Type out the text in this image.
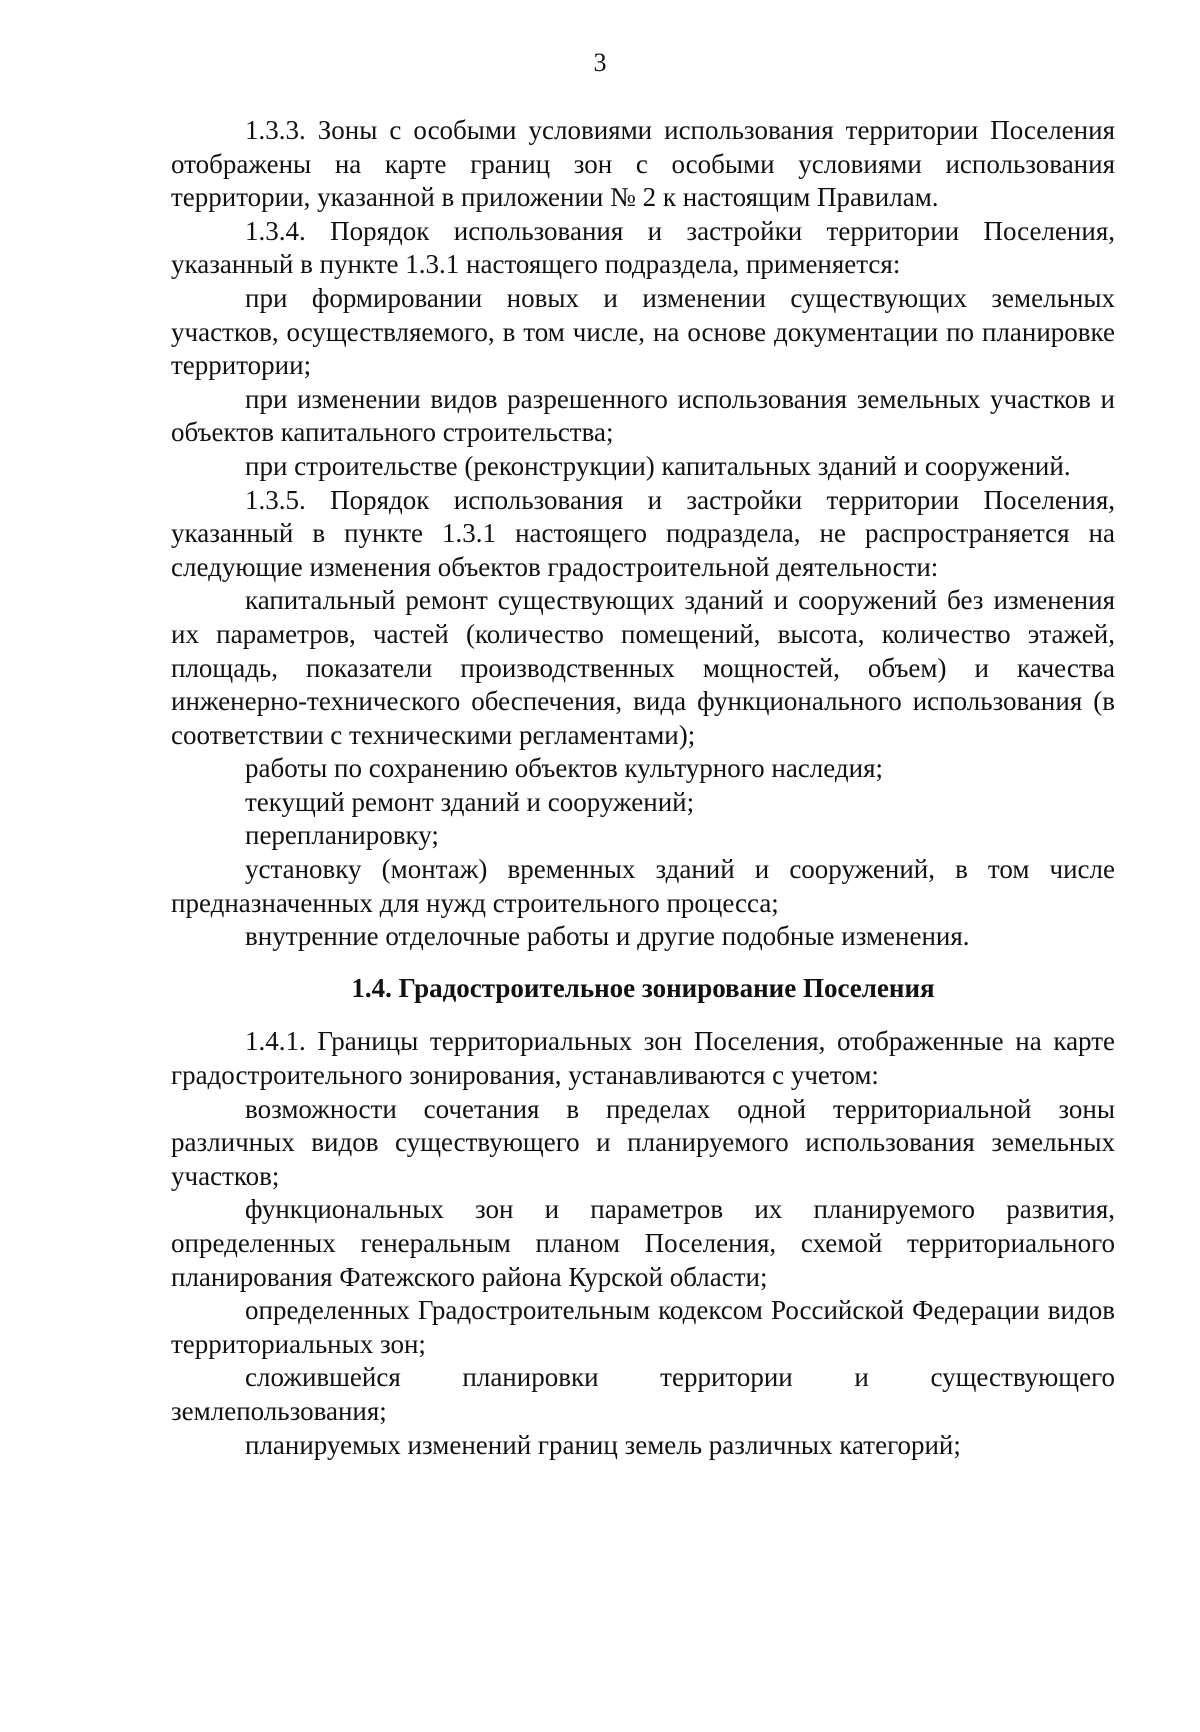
3

1.3.3. Зоны с особыми условиями использования территории Поселения отображены на карте границ зон с особыми условиями использования территории, указанной в приложении № 2 к настоящим Правилам.

1.3.4. Порядок использования и застройки территории Поселения, указанный в пункте 1.3.1 настоящего подраздела, применяется:

при формировании новых и изменении существующих земельных участков, осуществляемого, в том числе, на основе документации по планировке территории;

при изменении видов разрешенного использования земельных участков и объектов капитального строительства;

при строительстве (реконструкции) капитальных зданий и сооружений.

1.3.5. Порядок использования и застройки территории Поселения, указанный в пункте 1.3.1 настоящего подраздела, не распространяется на следующие изменения объектов градостроительной деятельности:

капитальный ремонт существующих зданий и сооружений без изменения их параметров, частей (количество помещений, высота, количество этажей, площадь, показатели производственных мощностей, объем) и качества инженерно-технического обеспечения, вида функционального использования (в соответствии с техническими регламентами);

работы по сохранению объектов культурного наследия;

текущий ремонт зданий и сооружений;

перепланировку;

установку (монтаж) временных зданий и сооружений, в том числе предназначенных для нужд строительного процесса;

внутренние отделочные работы и другие подобные изменения.

1.4. Градостроительное зонирование Поселения

1.4.1. Границы территориальных зон Поселения, отображенные на карте градостроительного зонирования, устанавливаются с учетом:

возможности сочетания в пределах одной территориальной зоны различных видов существующего и планируемого использования земельных участков;

функциональных зон и параметров их планируемого развития, определенных генеральным планом Поселения, схемой территориального планирования Фатежского района Курской области;

определенных Градостроительным кодексом Российской Федерации видов территориальных зон;

сложившейся планировки территории и существующего землепользования;

планируемых изменений границ земель различных категорий;
